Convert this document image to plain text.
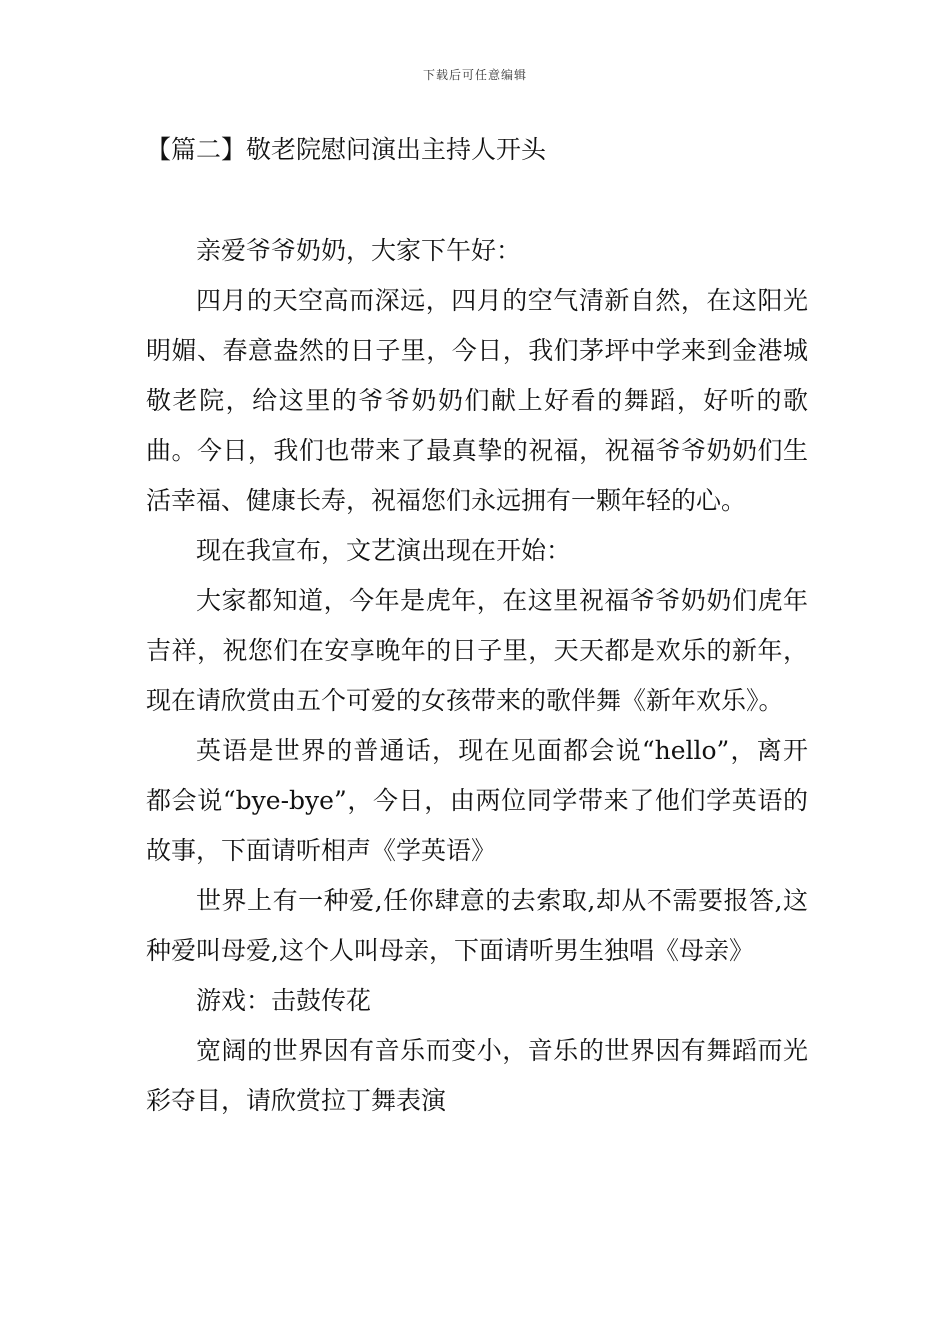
下载后可任意编辑
【篇二】敬老院慰问演出主持人开头

亲爱爷爷奶奶，大家下午好：

四月的天空高而深远，四月的空气清新自然，在这阳光明媚、春意盎然的日子里，今日，我们茅坪中学来到金港城敬老院，给这里的爷爷奶奶们献上好看的舞蹈，好听的歌曲。今日，我们也带来了最真挚的祝福，祝福爷爷奶奶们生活幸福、健康长寿，祝福您们永远拥有一颗年轻的心。

现在我宣布，文艺演出现在开始：

大家都知道，今年是虎年，在这里祝福爷爷奶奶们虎年吉祥，祝您们在安享晚年的日子里，天天都是欢乐的新年，现在请欣赏由五个可爱的女孩带来的歌伴舞《新年欢乐》。

英语是世界的普通话，现在见面都会说“hello”，离开都会说“bye-bye”，今日，由两位同学带来了他们学英语的故事，下面请听相声《学英语》

世界上有一种爱,任你肆意的去索取,却从不需要报答,这种爱叫母爱,这个人叫母亲，下面请听男生独唱《母亲》

游戏：击鼓传花

宽阔的世界因有音乐而变小，音乐的世界因有舞蹈而光彩夺目，请欣赏拉丁舞表演
